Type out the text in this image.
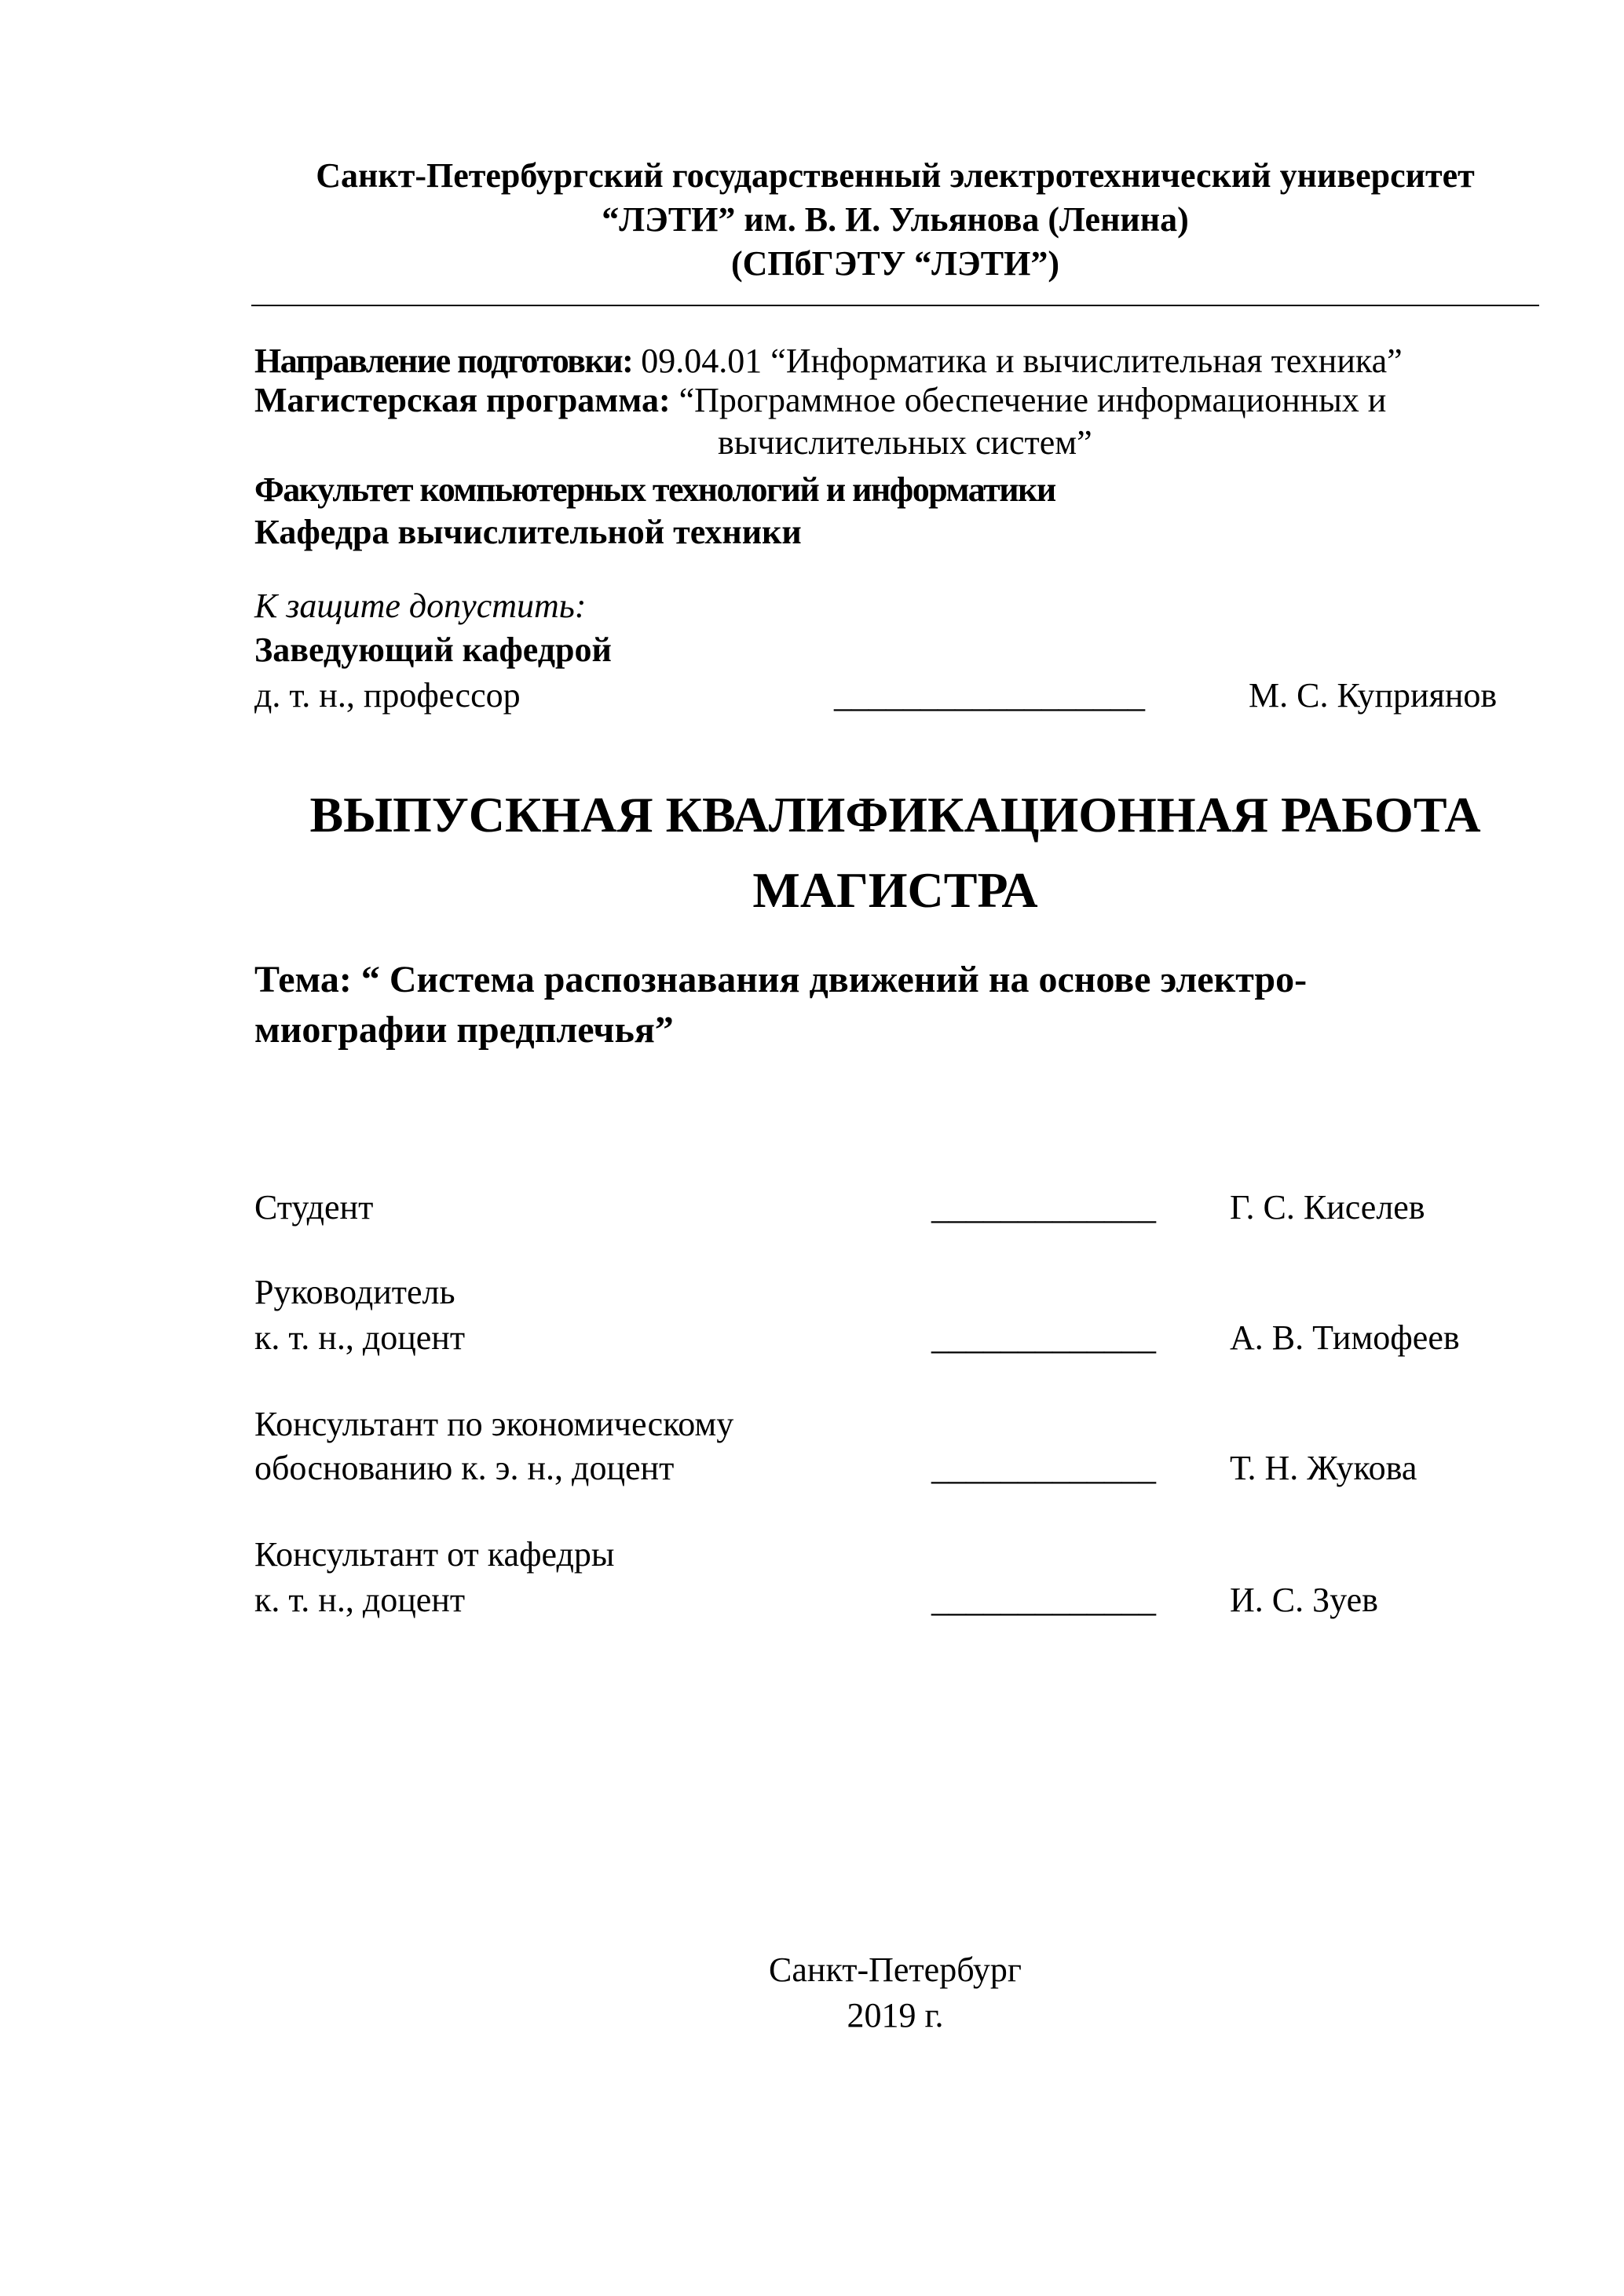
Санкт-Петербургский государственный электротехнический университет
“ЛЭТИ” им. В. И. Ульянова (Ленина)
(СПбГЭТУ “ЛЭТИ”)
Направление подготовки: 09.04.01 “Информатика и вычислительная техника”
Магистерская программа: “Программное обеспечение информационных и
вычислительных систем”
Факультет компьютерных технологий и информатики
Кафедра вычислительной техники
К защите допустить:
Заведующий кафедрой
д. т. н., профессор	__________________	М. С. Куприянов
ВЫПУСКНАЯ КВАЛИФИКАЦИОННАЯ РАБОТА
МАГИСТРА
Тема: “ Система распознавания движений на основе электро-
миографии предплечья”
Студент	_____________ Г. С. Киселев
Руководитель
к. т. н., доцент	_____________ А. В. Тимофеев
Консультант по экономическому
обоснованию к. э. н., доцент	_____________ Т. Н. Жукова
Консультант от кафедры
к. т. н., доцент	_____________ И. С. Зуев
Санкт-Петербург
2019 г.
